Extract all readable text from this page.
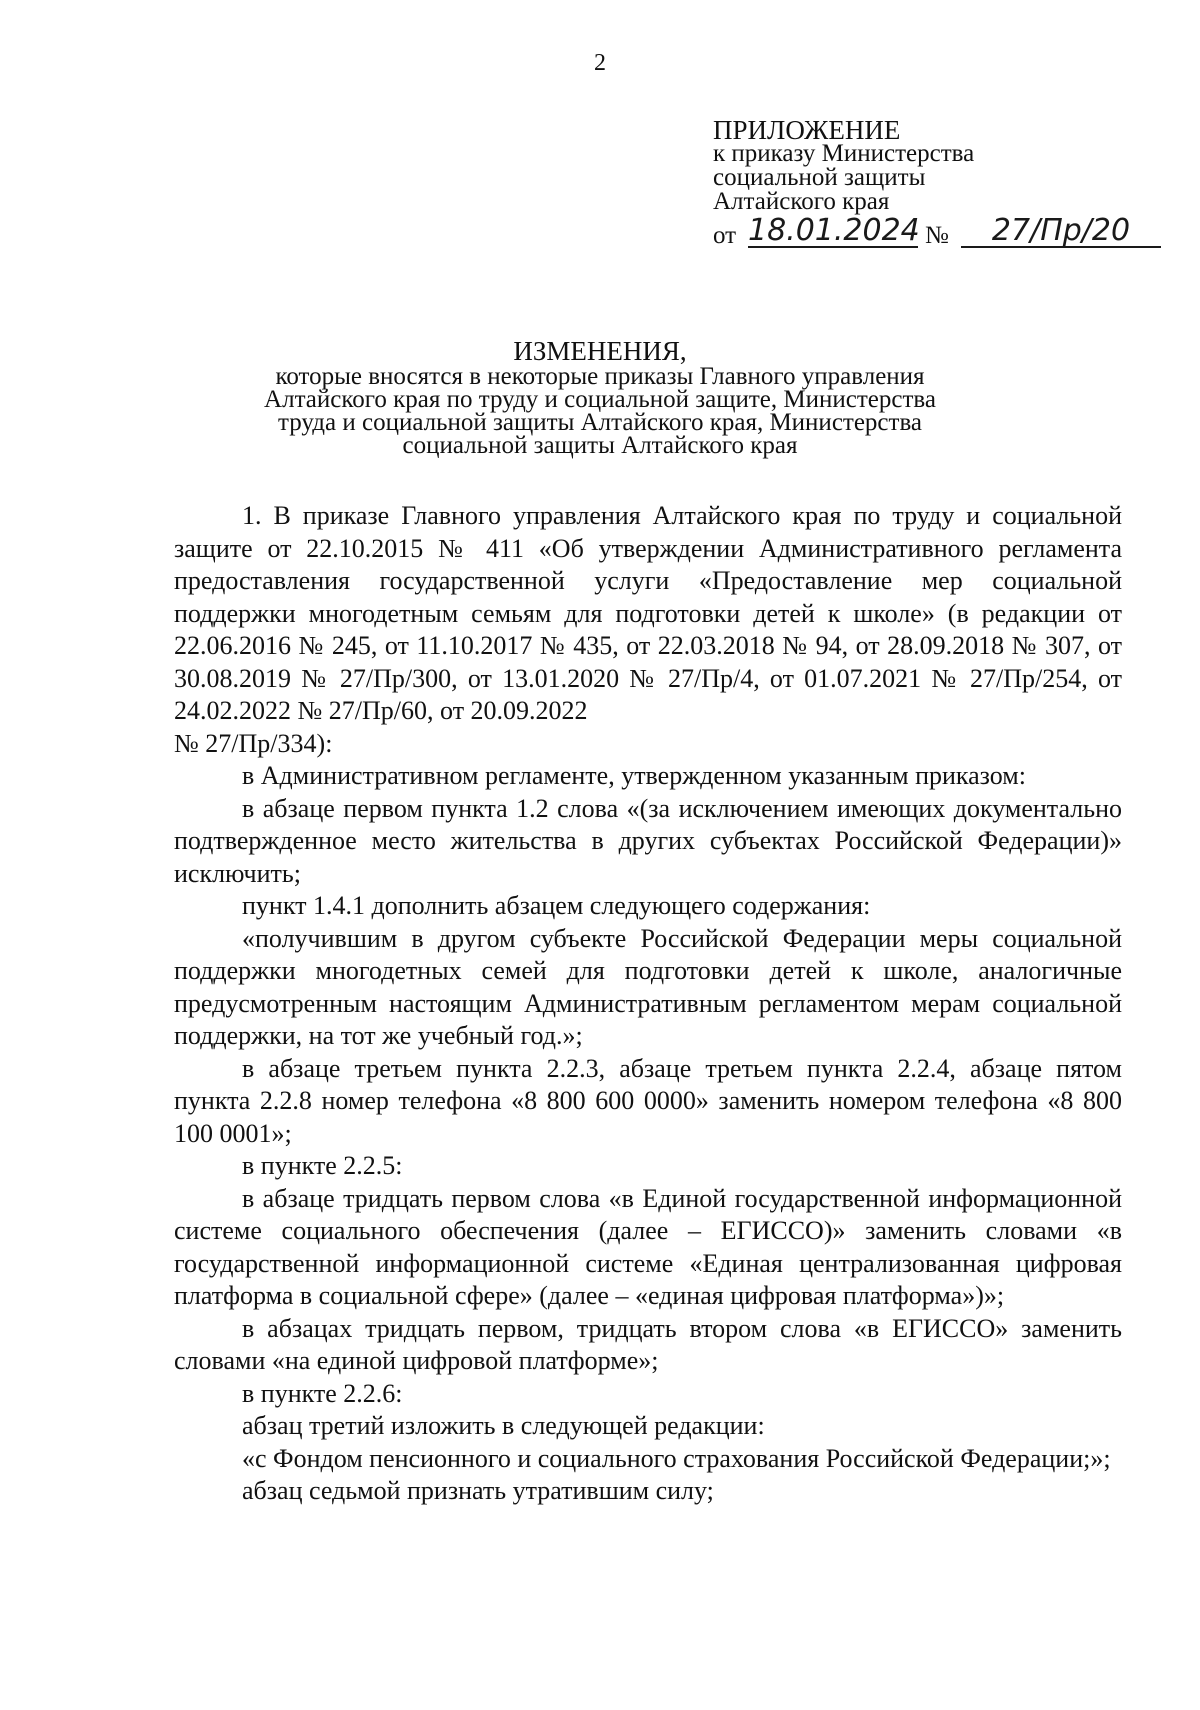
2
ПРИЛОЖЕНИЕ
к приказу Министерства
социальной защиты
Алтайского края
от 18.01.2024 №	27/Пр/20
ИЗМЕНЕНИЯ,
которые вносятся в некоторые приказы Главного управления
Алтайского края по труду и социальной защите, Министерства
труда и социальной защиты Алтайского края, Министерства
социальной защиты Алтайского края

1. В приказе Главного управления Алтайского края по труду и социальной защите от 22.10.2015 № 411 «Об утверждении Административного регламента предоставления государственной услуги «Предоставление мер социальной поддержки многодетным семьям для подготовки детей к школе» (в редакции от 22.06.2016 № 245, от 11.10.2017 № 435, от 22.03.2018 № 94, от 28.09.2018 № 307, от 30.08.2019 № 27/Пр/300, от 13.01.2020 № 27/Пр/4, от 01.07.2021 № 27/Пр/254, от 24.02.2022 № 27/Пр/60, от 20.09.2022

№ 27/Пр/334):

в Административном регламенте, утвержденном указанным приказом:

в абзаце первом пункта 1.2 слова «(за исключением имеющих документально подтвержденное место жительства в других субъектах Российской Федерации)» исключить;

пункт 1.4.1 дополнить абзацем следующего содержания:

«получившим в другом субъекте Российской Федерации меры социальной поддержки многодетных семей для подготовки детей к школе, аналогичные предусмотренным настоящим Административным регламентом мерам социальной поддержки, на тот же учебный год.»;

в абзаце третьем пункта 2.2.3, абзаце третьем пункта 2.2.4, абзаце пятом пункта 2.2.8 номер телефона «8 800 600 0000» заменить номером телефона «8 800 100 0001»;

в пункте 2.2.5:

в абзаце тридцать первом слова «в Единой государственной информационной системе социального обеспечения (далее – ЕГИССО)» заменить словами «в государственной информационной системе «Единая централизованная цифровая платформа в социальной сфере» (далее – «единая цифровая платформа»)»;

в абзацах тридцать первом, тридцать втором слова «в ЕГИССО» заменить словами «на единой цифровой платформе»;

в пункте 2.2.6:

абзац третий изложить в следующей редакции:

«с Фондом пенсионного и социального страхования Российской Федерации;»;

абзац седьмой признать утратившим силу;
